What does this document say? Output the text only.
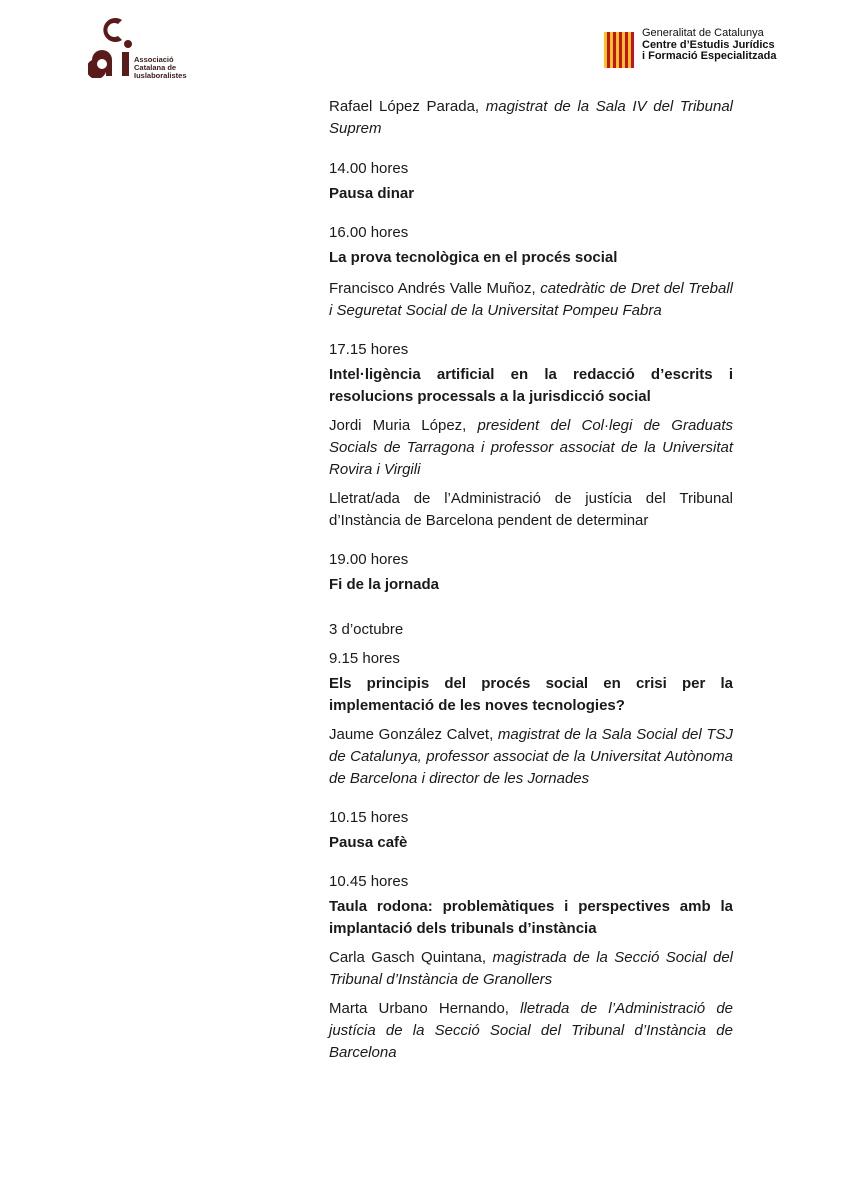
Associació
Catalana de
Iuslaboralistes
Generalitat de Catalunya
Centre d’Estudis Jurídics
i Formació Especialitzada
Rafael López Parada, magistrat de la Sala IV del Tribunal Suprem
14.00 hores
Pausa dinar
16.00 hores
La prova tecnològica en el procés social
Francisco Andrés Valle Muñoz, catedràtic de Dret del Treball i Seguretat Social de la Universitat Pompeu Fabra
17.15 hores
Intel·ligència artificial en la redacció d’escrits i resolucions processals a la jurisdicció social
Jordi Muria López, president del Col·legi de Graduats Socials de Tarragona i professor associat de la Universitat Rovira i Virgili
Lletrat/ada de l’Administració de justícia del Tribunal d’Instància de Barcelona pendent de determinar
19.00 hores
Fi de la jornada
3 d’octubre
9.15 hores
Els principis del procés social en crisi per la implementació de les noves tecnologies?
Jaume González Calvet, magistrat de la Sala Social del TSJ de Catalunya, professor associat de la Universitat Autònoma de Barcelona i director de les Jornades
10.15 hores
Pausa cafè
10.45 hores
Taula rodona: problemàtiques i perspectives amb la implantació dels tribunals d’instància
Carla Gasch Quintana, magistrada de la Secció Social del Tribunal d’Instància de Granollers
Marta Urbano Hernando, lletrada de l’Administració de justícia de la Secció Social del Tribunal d’Instància de Barcelona
